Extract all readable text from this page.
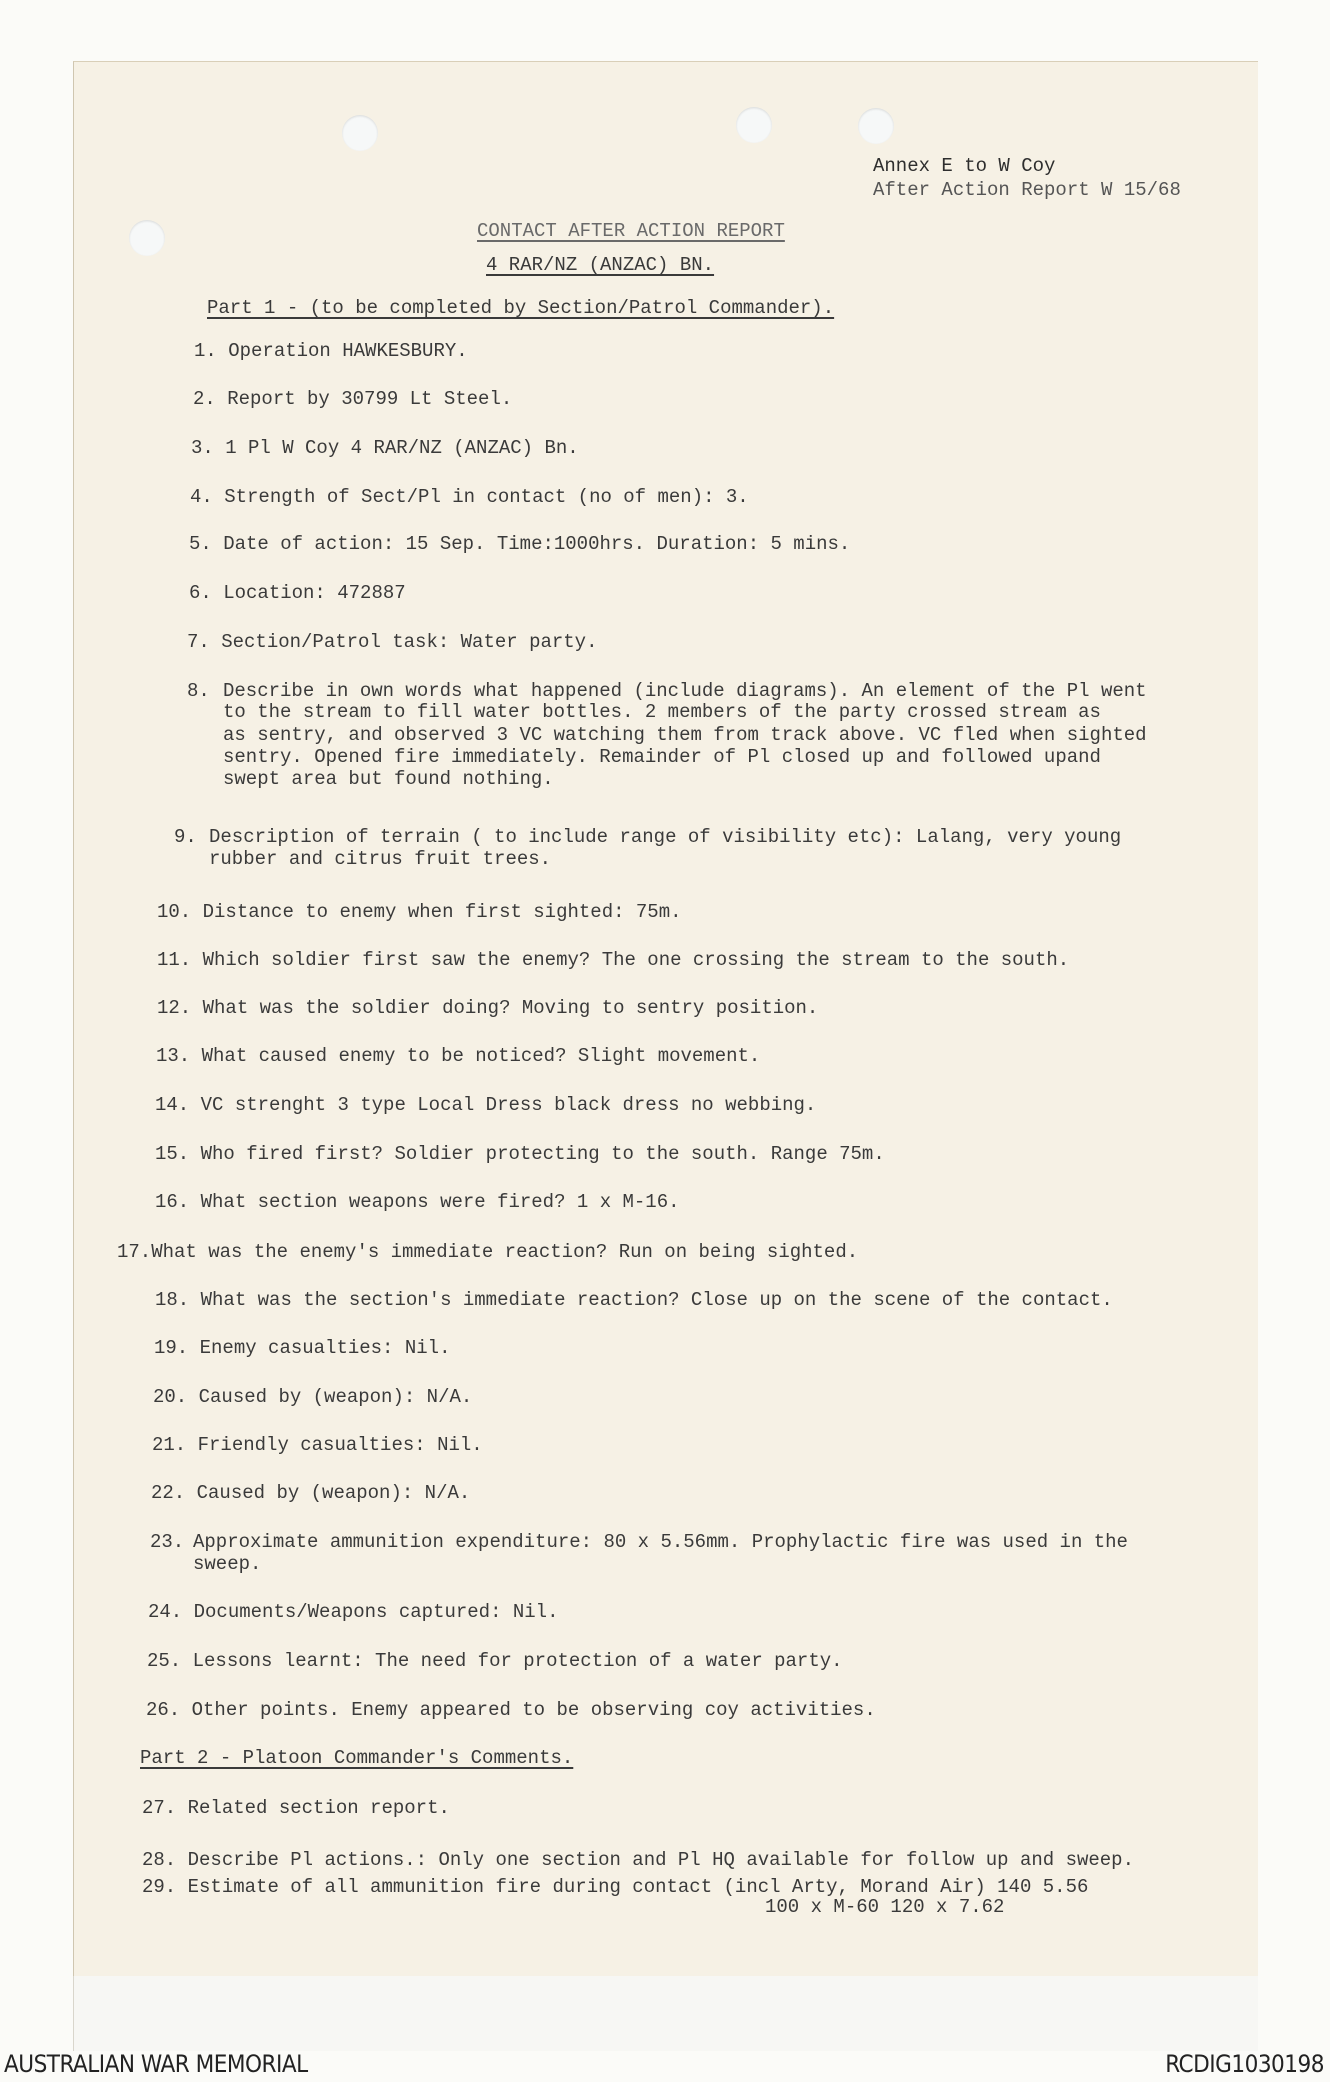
Annex E to W Coy
After Action Report W 15/68
CONTACT AFTER ACTION REPORT
4 RAR/NZ (ANZAC) BN.
Part 1 - (to be completed by Section/Patrol Commander).
1. Operation HAWKESBURY.
2. Report by 30799 Lt Steel.
3. 1 Pl W Coy 4 RAR/NZ (ANZAC) Bn.
4. Strength of Sect/Pl in contact (no of men): 3.
5. Date of action: 15 Sep. Time:1000hrs. Duration: 5 mins.
6. Location: 472887
7. Section/Patrol task: Water party.
8. Describe in own words what happened (include diagrams). An element of the Pl went
to the stream to fill water bottles. 2 members of the party crossed stream as
as sentry, and observed 3 VC watching them from track above. VC fled when sighted
sentry. Opened fire immediately. Remainder of Pl closed up and followed upand
swept area but found nothing.
9. Description of terrain ( to include range of visibility etc): Lalang, very young
rubber and citrus fruit trees.
10. Distance to enemy when first sighted: 75m.
11. Which soldier first saw the enemy? The one crossing the stream to the south.
12. What was the soldier doing? Moving to sentry position.
13. What caused enemy to be noticed? Slight movement.
14. VC strenght 3 type Local Dress black dress no webbing.
15. Who fired first? Soldier protecting to the south. Range 75m.
16. What section weapons were fired? 1 x M-16.
17.What was the enemy's immediate reaction? Run on being sighted.
18. What was the section's immediate reaction? Close up on the scene of the contact.
19. Enemy casualties: Nil.
20. Caused by (weapon): N/A.
21. Friendly casualties: Nil.
22. Caused by (weapon): N/A.
23. Approximate ammunition expenditure: 80 x 5.56mm. Prophylactic fire was used in the
sweep.
24. Documents/Weapons captured: Nil.
25. Lessons learnt: The need for protection of a water party.
26. Other points. Enemy appeared to be observing coy activities.
Part 2 - Platoon Commander's Comments.
27. Related section report.
28. Describe Pl actions.: Only one section and Pl HQ available for follow up and sweep.
29. Estimate of all ammunition fire during contact (incl Arty, Morand Air) 140 5.56
100 x M-60 120 x 7.62
AUSTRALIAN WAR MEMORIAL	RCDIG1030198
